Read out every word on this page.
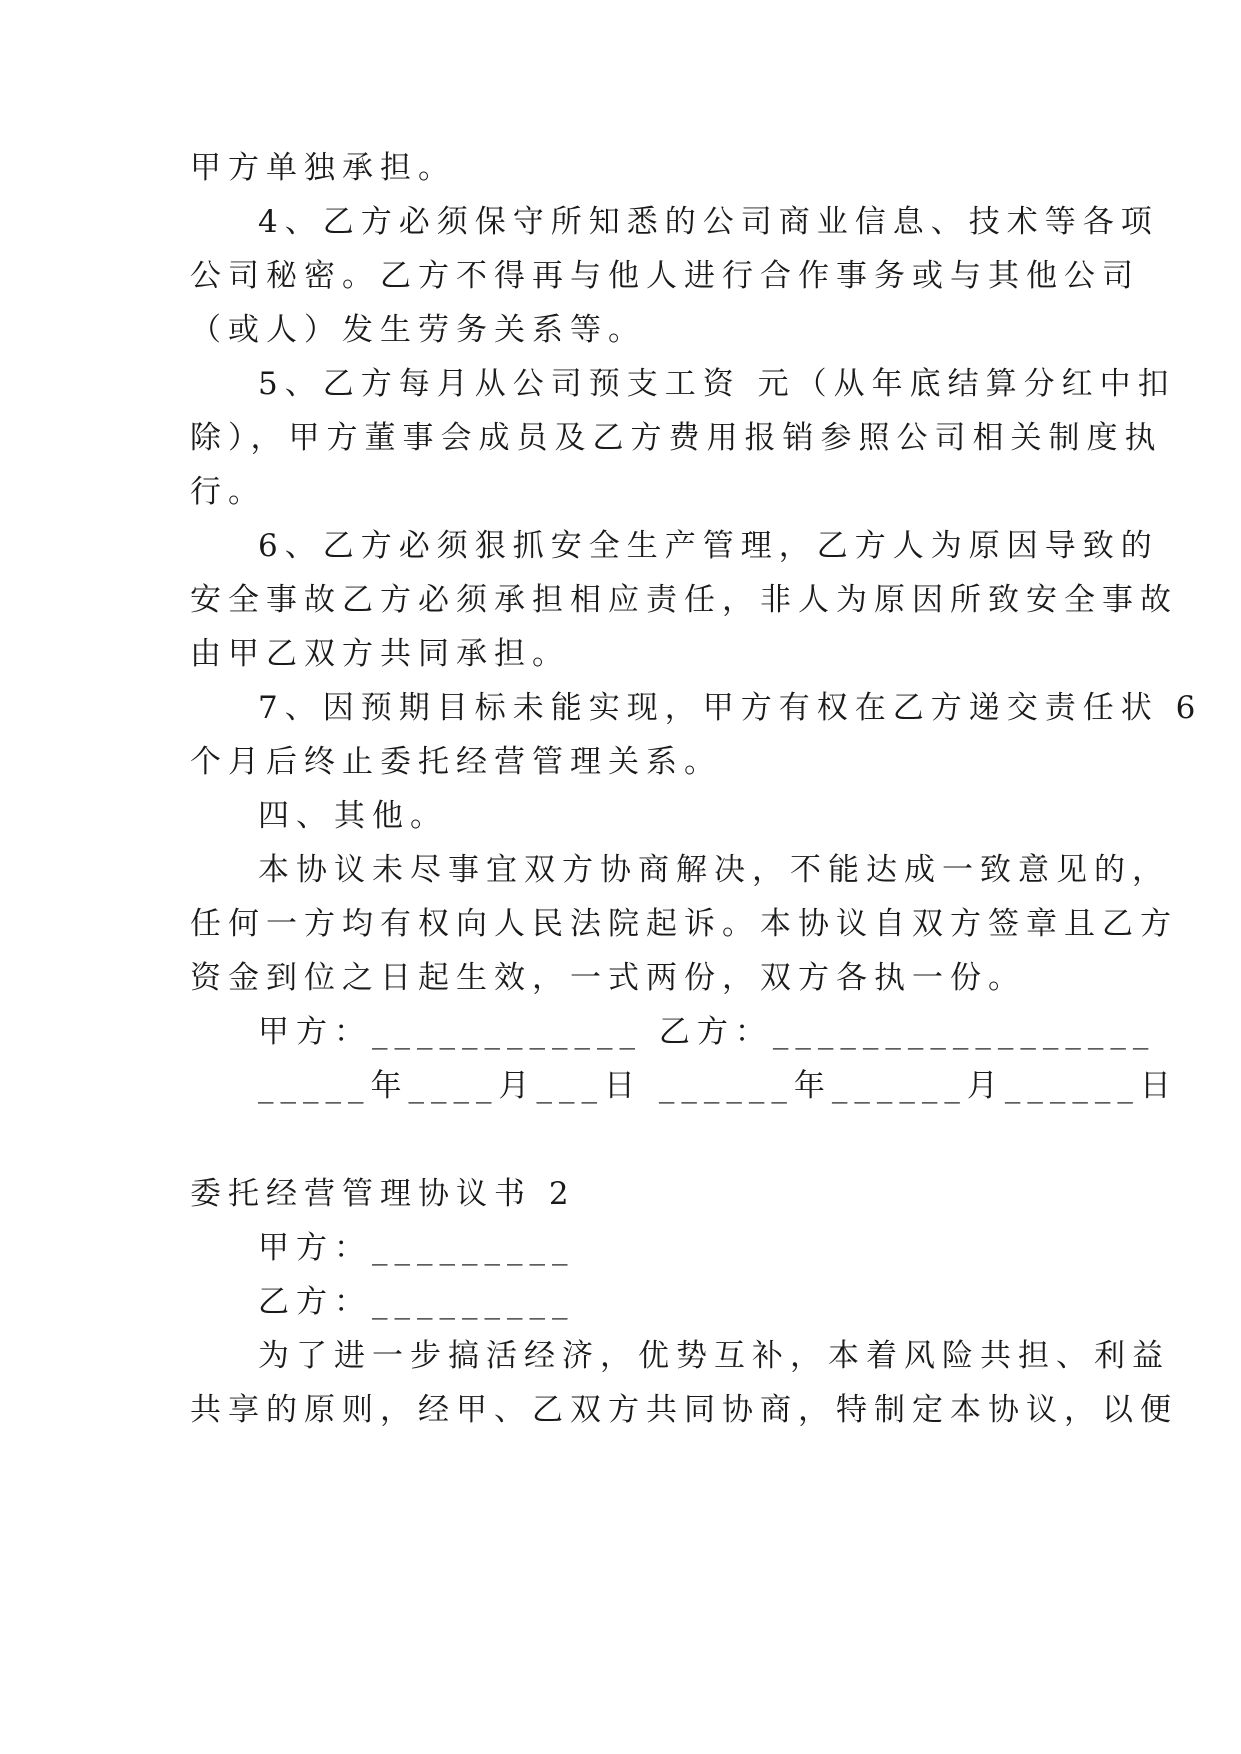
甲方单独承担。

4、乙方必须保守所知悉的公司商业信息、技术等各项

公司秘密。乙方不得再与他人进行合作事务或与其他公司

（或人）发生劳务关系等。

5、乙方每月从公司预支工资 元（从年底结算分红中扣

除），甲方董事会成员及乙方费用报销参照公司相关制度执

行。

6、乙方必须狠抓安全生产管理，乙方人为原因导致的

安全事故乙方必须承担相应责任，非人为原因所致安全事故

由甲乙双方共同承担。

7、因预期目标未能实现，甲方有权在乙方递交责任状 6

个月后终止委托经营管理关系。

四、其他。

本协议未尽事宜双方协商解决，不能达成一致意见的，

任何一方均有权向人民法院起诉。本协议自双方签章且乙方

资金到位之日起生效，一式两份，双方各执一份。

甲方：____________ 乙方：_________________

_____年____月___日 ______年______月______日

委托经营管理协议书 2

甲方：_________

乙方：_________

为了进一步搞活经济，优势互补，本着风险共担、利益

共享的原则，经甲、乙双方共同协商，特制定本协议，以便
